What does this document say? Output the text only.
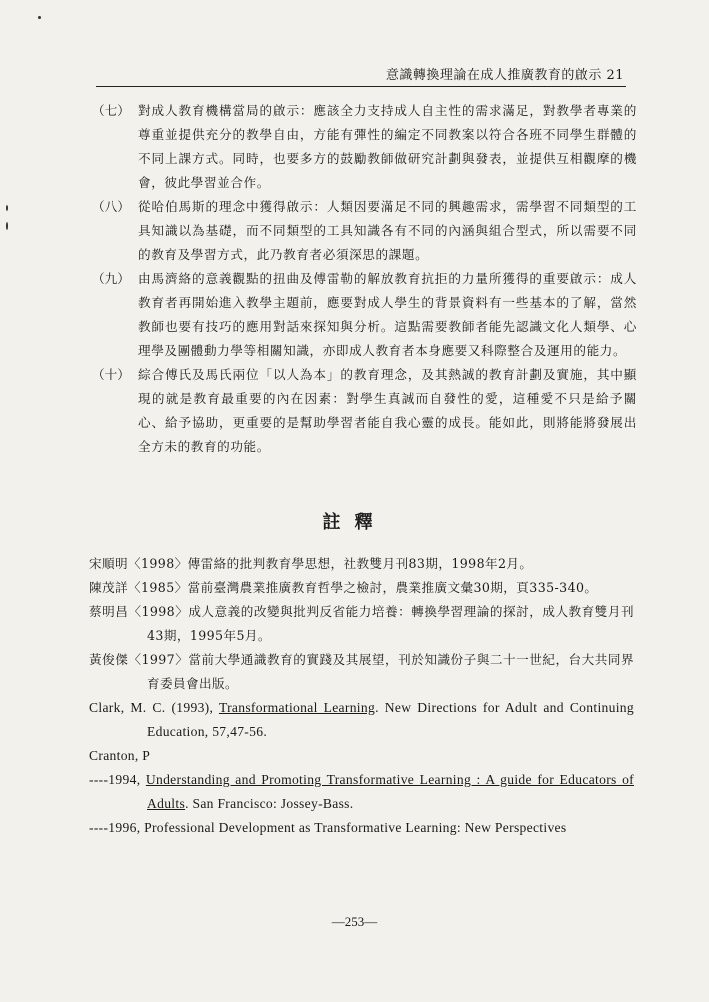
意識轉換理論在成人推廣教育的啟示 21
（七） 對成人教育機構當局的啟示：應該全力支持成人自主性的需求滿足，對教學者專業的尊重並提供充分的教學自由，方能有彈性的編定不同教案以符合各班不同學生群體的不同上課方式。同時，也要多方的鼓勵教師做研究計劃與發表，並提供互相觀摩的機會，彼此學習並合作。
（八） 從哈伯馬斯的理念中獲得啟示：人類因要滿足不同的興趣需求，需學習不同類型的工具知識以為基礎，而不同類型的工具知識各有不同的內涵與組合型式，所以需要不同的教育及學習方式，此乃教育者必須深思的課題。
（九） 由馬濟絡的意義觀點的扭曲及傅雷勒的解放教育抗拒的力量所獲得的重要啟示：成人教育者再開始進入教學主題前，應要對成人學生的背景資料有一些基本的了解，當然教師也要有技巧的應用對話來探知與分析。這點需要教師者能先認識文化人類學、心理學及團體動力學等相關知識，亦即成人教育者本身應要又科際整合及運用的能力。
（十） 綜合傅氏及馬氏兩位「以人為本」的教育理念，及其熱誠的教育計劃及實施，其中顯現的就是教育最重要的內在因素：對學生真誠而自發性的愛，這種愛不只是給予關心、給予協助，更重要的是幫助學習者能自我心靈的成長。能如此，則將能將發展出全方未的教育的功能。
註釋
宋順明〈1998〉傳雷絡的批判教育學思想，社教雙月刊83期，1998年2月。
陳茂詳〈1985〉當前臺灣農業推廣教育哲學之檢討，農業推廣文彙30期，頁335-340。
蔡明昌〈1998〉成人意義的改變與批判反省能力培養：轉換學習理論的探討，成人教育雙月刊43期，1995年5月。
黃俊傑〈1997〉當前大學通識教育的實踐及其展望，刊於知識份子與二十一世紀，台大共同界育委員會出版。
Clark, M. C. (1993), Transformational Learning. New Directions for Adult and Continuing Education, 57,47-56.
Cranton, P
----1994, Understanding and Promoting Transformative Learning : A guide for Educators of Adults. San Francisco: Jossey-Bass.
----1996, Professional Development as Transformative Learning: New Perspectives
—253—
